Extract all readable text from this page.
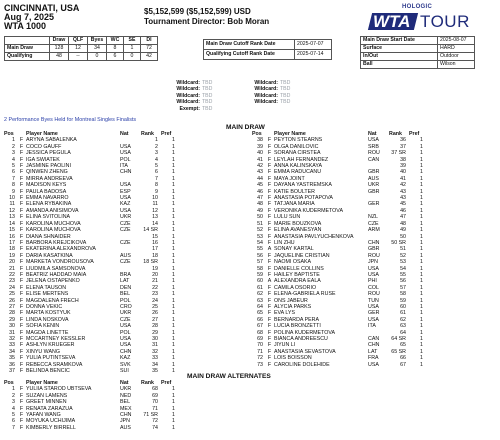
CINCINNATI, USA
Aug 7, 2025
WTA 1000
$5,152,599 ($5,152,599) USD
Tournament Director: Bob Moran
HOLOGIC
WTA TOUR
	Draw	QLF	Byes	WC	SE	DI
Main Draw	128	12	34	8	1	72
Qualifying	48	--	0	6	0	42
Main Draw Cutoff Rank Date	2025-07-07
Qualifying Cutoff Rank Date	2025-07-14
Main Draw Start Date	2025-08-07
Surface	HARD
In/Out	Outdoor
Ball	Wilson
Wildcard: TBD
Wildcard: TBD
Wildcard: TBD
Wildcard: TBD
Exempt: TBD
Wildcard: TBD
Wildcard: TBD
Wildcard: TBD
Wildcard: TBD
2 Performance Byes Held for Montreal Singles Finalists
MAIN DRAW
Pos		Player Name	Nat	Rank	Pref
1	F	ARYNA SABALENKA		1	1
2	F	COCO GAUFF	USA	2	1
3	F	JESSICA PEGULA	USA	3	1
4	F	IGA SWIATEK	POL	4	1
5	F	JASMINE PAOLINI	ITA	5	1
6	F	QINWEN ZHENG	CHN	6	1
7	F	MIRRA ANDREEVA		7	1
8	F	MADISON KEYS	USA	8	1
9	F	PAULA BADOSA	ESP	9	1
10	F	EMMA NAVARRO	USA	10	1
11	F	ELENA RYBAKINA	KAZ	11	1
12	F	AMANDA ANISIMOVA	USA	12	1
13	F	ELINA SVITOLINA	UKR	13	1
14	F	KAROLINA MUCHOVA	CZE	14	1
15	F	KAROLINA MUCHOVA	CZE	14 SR	1
16	F	DIANA SHNAIDER		15	1
17	F	BARBORA KREJCIKOVA	CZE	16	1
18	F	EKATERINA ALEXANDROVA		17	1
19	F	DARIA KASATKINA	AUS	18	1
20	F	MARKETA VONDROUSOVA	CZE	18 SR	1
21	F	LIUDMILA SAMSONOVA		19	1
22	F	BEATRIZ HADDAD MAIA	BRA	20	1
23	F	JELENA OSTAPENKO	LAT	21	1
24	F	ELENA TAUSON	DEN	22	1
25	F	ELISE MERTENS	BEL	23	1
26	F	MAGDALENA FRECH	POL	24	1
27	F	DONNA VEKIC	CRO	25	1
28	F	MARTA KOSTYUK	UKR	26	1
29	F	LINDA NOSKOVA	CZE	27	1
30	F	SOFIA KENIN	USA	28	1
31	F	MAGDA LINETTE	POL	29	1
32	F	MCCARTNEY KESSLER	USA	30	1
33	F	ASHLYN KRUEGER	USA	31	1
34	F	XINYU WANG	CHN	32	1
35	F	YULIA PUTINTSEVA	KAZ	33	1
36	F	REBECCA SRAMKOVA	SVK	34	1
37	F	BELINDA BENCIC	SUI	35	1
Pos		Player Name	Nat	Rank	Pref
38	F	PEYTON STEARNS	USA	36	1
39	F	OLGA DANILOVIC	SRB	37	1
40	F	SORANA CIRSTEA	ROU	37 SR	1
41	F	LEYLAH FERNANDEZ	CAN	38	1
42	F	ANNA KALINSKAYA		39	1
43	F	EMMA RADUCANU	GBR	40	1
44	F	MAYA JOINT	AUS	41	1
45	F	DAYANA YASTREMSKA	UKR	42	1
46	F	KATIE BOULTER	GBR	43	1
47	F	ANASTASIA POTAPOVA		43	1
48	F	TATJANA MARIA	GER	45	1
49	F	VERONIKA KUDERMETOVA		46	1
50	F	LULU SUN	NZL	47	1
51	F	MARIE BOUZKOVA	CZE	48	1
52	F	ELINA AVANESYAN	ARM	49	1
53	F	ANASTASIA PAVLYUCHENKOVA		50	1
54	F	LIN ZHU	CHN	50 SR	1
55	A	SONAY KARTAL	GBR	51	1
56	F	JAQUELINE CRISTIAN	ROU	52	1
57	F	NAOMI OSAKA	JPN	53	1
58	F	DANIELLE COLLINS	USA	54	1
59	F	HAILEY BAPTISTE	USA	55	1
60	A	ALEXANDRA EALA	PHI	56	1
61	F	CAMILA OSORIO	COL	57	1
62	F	ELENA-GABRIELA RUSE	ROU	58	1
63	F	ONS JABEUR	TUN	59	1
64	F	ALYCIA PARKS	USA	60	1
65	F	EVA LYS	GER	61	1
66	F	BERNARDA PERA	USA	62	1
67	F	LUCIA BRONZETTI	ITA	63	1
68	F	POLINA KUDERMETOVA		64	1
69	F	BIANCA ANDREESCU	CAN	64 SR	1
70	F	JIYUN LI	CHN	65	1
71	F	ANASTASIA SEVASTOVA	LAT	65 SR	1
72	F	LOIS BOISSON	FRA	66	1
73	F	CAROLINE DOLEHIDE	USA	67	1
MAIN DRAW ALTERNATES
Pos		Player Name	Nat	Rank	Pref
1	F	YULIIA STAROD UBTSEVA	UKR	68	1
2	F	SUZAN LAMENS	NED	69	1
3	F	GREET MINNEN	BEL	70	1
4	F	RENATA ZARAZUA	MEX	71	1
5	F	YAFAN WANG	CHN	71 SR	1
6	F	MOYUKA UCHIJIMA	JPN	72	1
7	F	KIMBERLY BIRRELL	AUS	74	1
